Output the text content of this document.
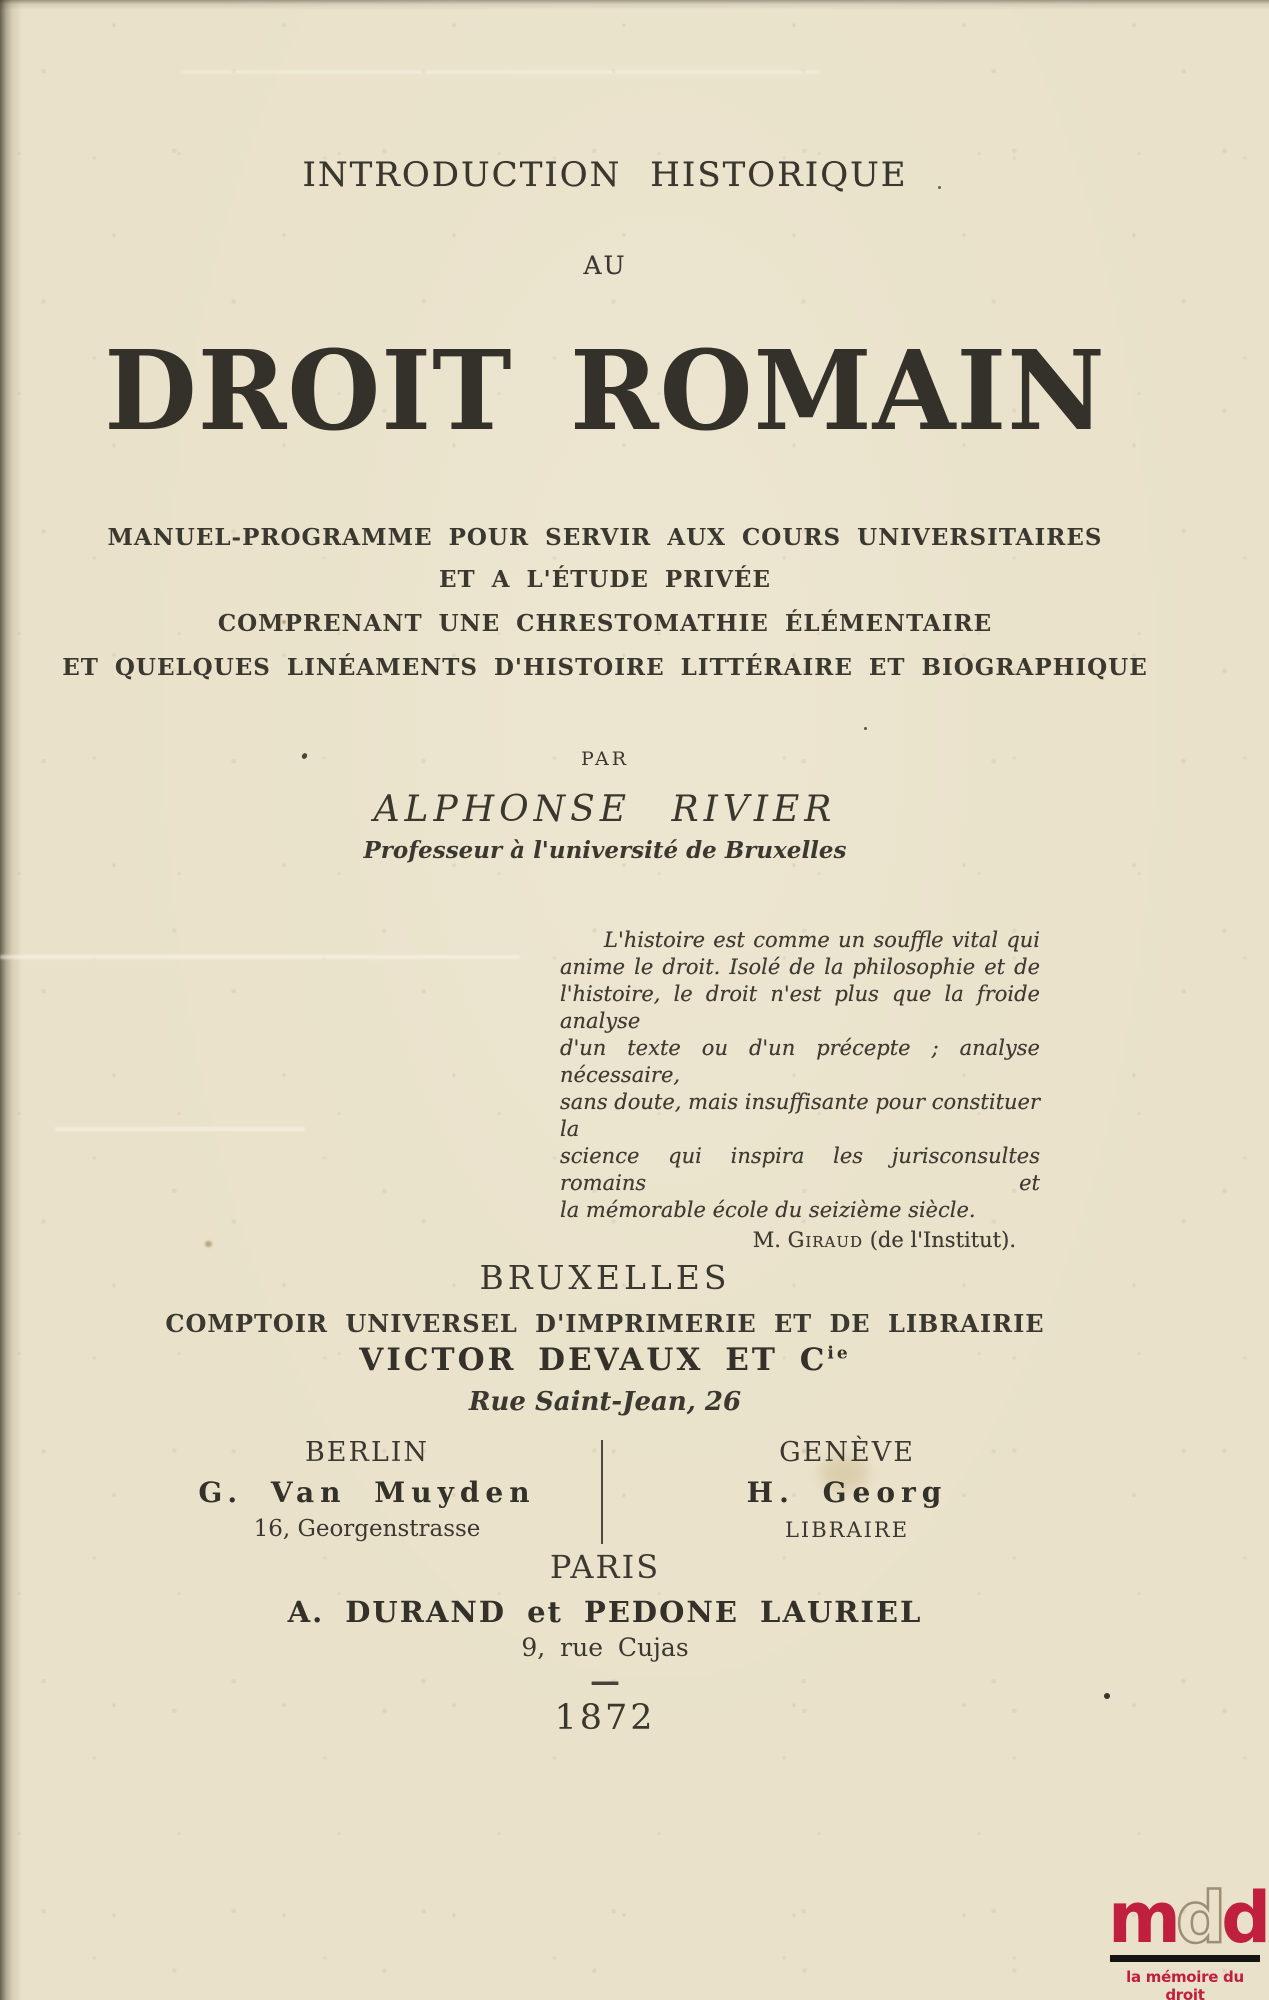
INTRODUCTION HISTORIQUE
AU
DROIT ROMAIN
MANUEL-PROGRAMME POUR SERVIR AUX COURS UNIVERSITAIRES
ET A L'ÉTUDE PRIVÉE
COMPRENANT UNE CHRESTOMATHIE ÉLÉMENTAIRE
ET QUELQUES LINÉAMENTS D'HISTOIRE LITTÉRAIRE ET BIOGRAPHIQUE
PAR
ALPHONSE RIVIER
Professeur à l'université de Bruxelles
L'histoire est comme un souffle vital qui
anime le droit. Isolé de la philosophie et de
l'histoire, le droit n'est plus que la froide analyse
d'un texte ou d'un précepte ; analyse nécessaire,
sans doute, mais insuffisante pour constituer la
science qui inspira les jurisconsultes romains et
la mémorable école du seizième siècle.
M. Giraud (de l'Institut).
BRUXELLES
COMPTOIR UNIVERSEL D'IMPRIMERIE ET DE LIBRAIRIE
VICTOR DEVAUX ET $C^{ie}$
Rue Saint-Jean, 26
BERLIN
G. Van Muyden
16, Georgenstrasse
GENÈVE
H. Georg
LIBRAIRE
PARIS
A. DURAND et PEDONE LAURIEL
9, rue Cujas
—
1872
mdd
la mémoire du droit
